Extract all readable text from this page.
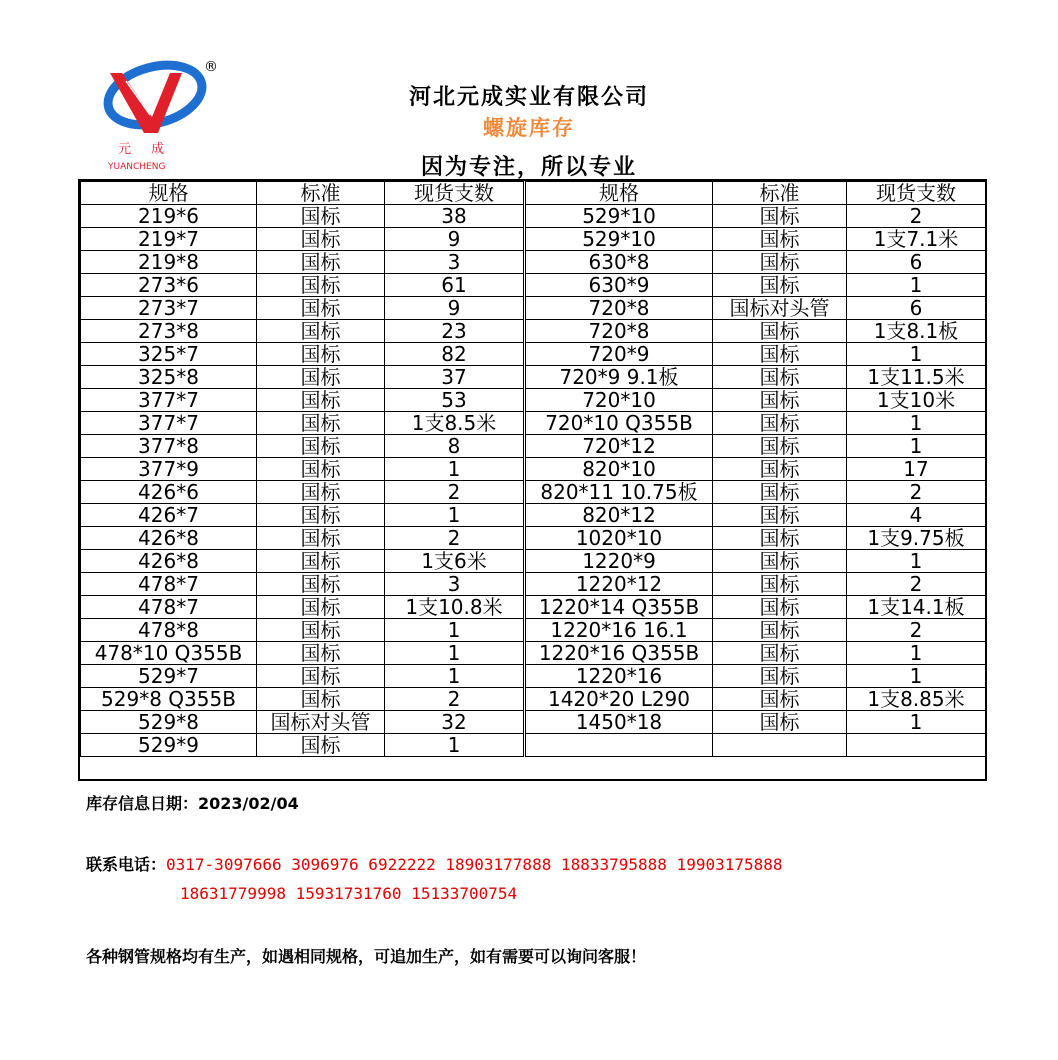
®
元 成
YUANCHENG
河北元成实业有限公司
螺旋库存
因为专注，所以专业
规格	标准	现货支数	规格	标准	现货支数
219*6	国标	38	529*10	国标	2
219*7	国标	9	529*10	国标	1支7.1米
219*8	国标	3	630*8	国标	6
273*6	国标	61	630*9	国标	1
273*7	国标	9	720*8	国标对头管	6
273*8	国标	23	720*8	国标	1支8.1板
325*7	国标	82	720*9	国标	1
325*8	国标	37	720*9 9.1板	国标	1支11.5米
377*7	国标	53	720*10	国标	1支10米
377*7	国标	1支8.5米	720*10 Q355B	国标	1
377*8	国标	8	720*12	国标	1
377*9	国标	1	820*10	国标	17
426*6	国标	2	820*11 10.75板	国标	2
426*7	国标	1	820*12	国标	4
426*8	国标	2	1020*10	国标	1支9.75板
426*8	国标	1支6米	1220*9	国标	1
478*7	国标	3	1220*12	国标	2
478*7	国标	1支10.8米	1220*14 Q355B	国标	1支14.1板
478*8	国标	1	1220*16 16.1	国标	2
478*10 Q355B	国标	1	1220*16 Q355B	国标	1
529*7	国标	1	1220*16	国标	1
529*8 Q355B	国标	2	1420*20 L290	国标	1支8.85米
529*8	国标对头管	32	1450*18	国标	1
529*9	国标	1			
库存信息日期：2023/02/04
联系电话：0317-3097666 3096976 6922222 18903177888 18833795888 19903175888
18631779998 15931731760 15133700754
各种钢管规格均有生产，如遇相同规格，可追加生产，如有需要可以询问客服！
